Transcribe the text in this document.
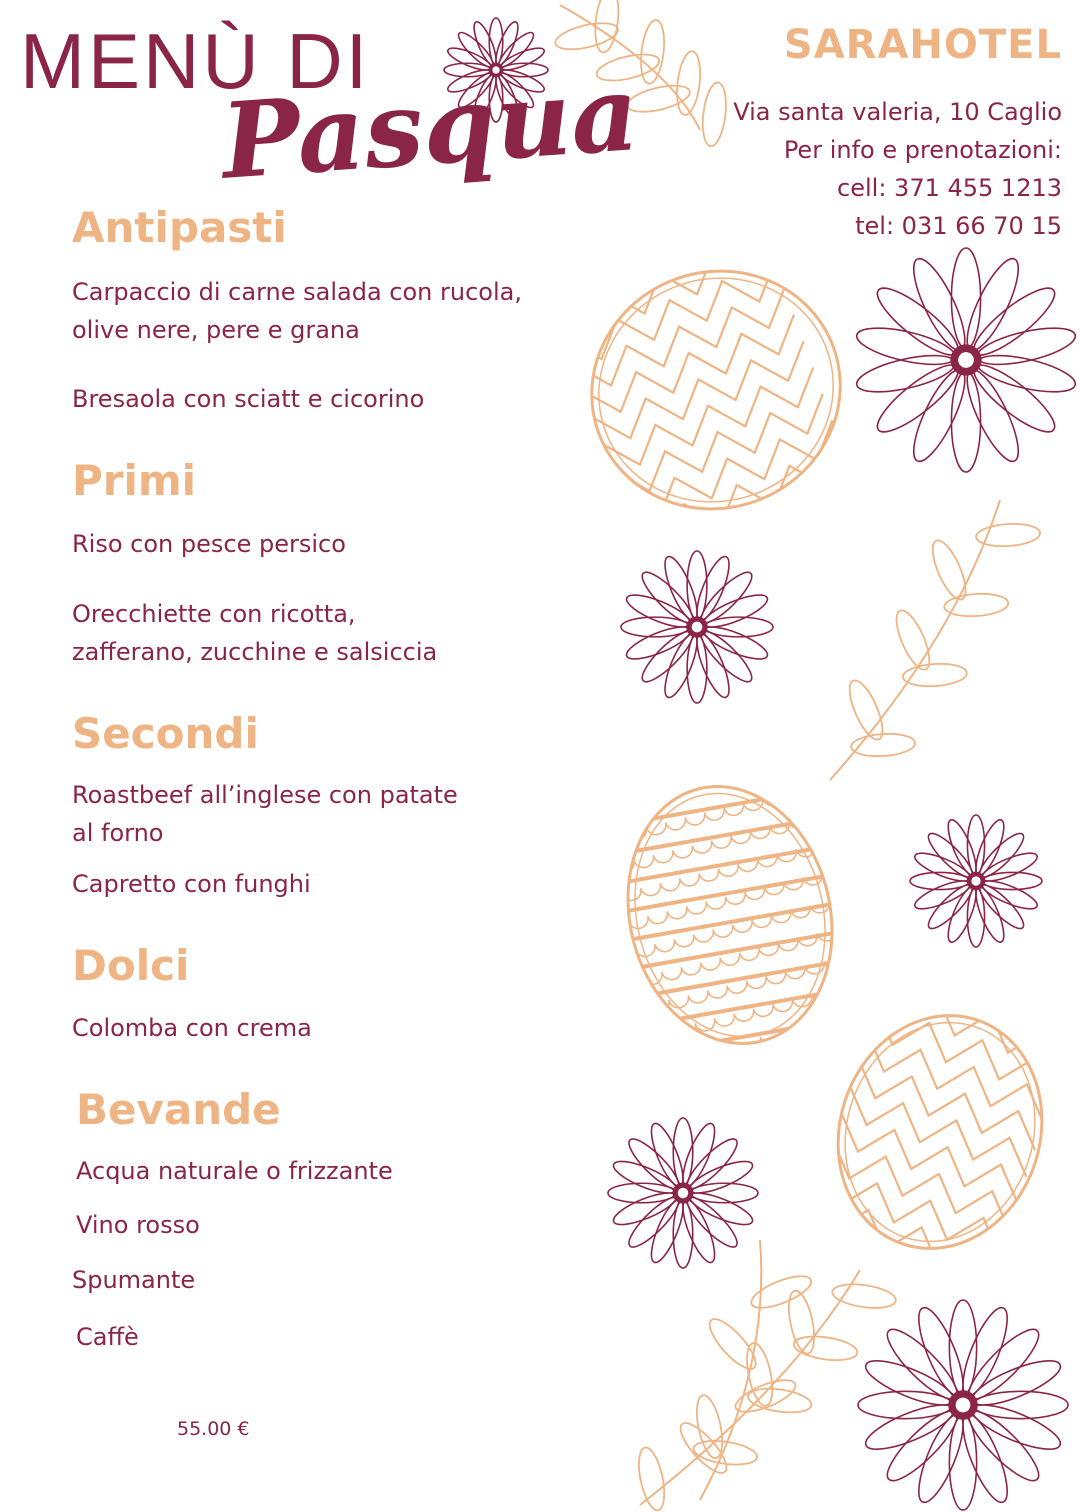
MENÙ DI
Pasqua
SARAHOTEL
Via santa valeria, 10 Caglio
Per info e prenotazioni:
cell: 371 455 1213
tel: 031 66 70 15
Antipasti
Carpaccio di carne salada con rucola,
olive nere, pere e grana
Bresaola con sciatt e cicorino
Primi
Riso con pesce persico
Orecchiette con ricotta,
zafferano, zucchine e salsiccia
Secondi
Roastbeef all’inglese con patate
al forno
Capretto con funghi
Dolci
Colomba con crema
Bevande
Acqua naturale o frizzante
Vino rosso
Spumante
Caffè
55.00 €
